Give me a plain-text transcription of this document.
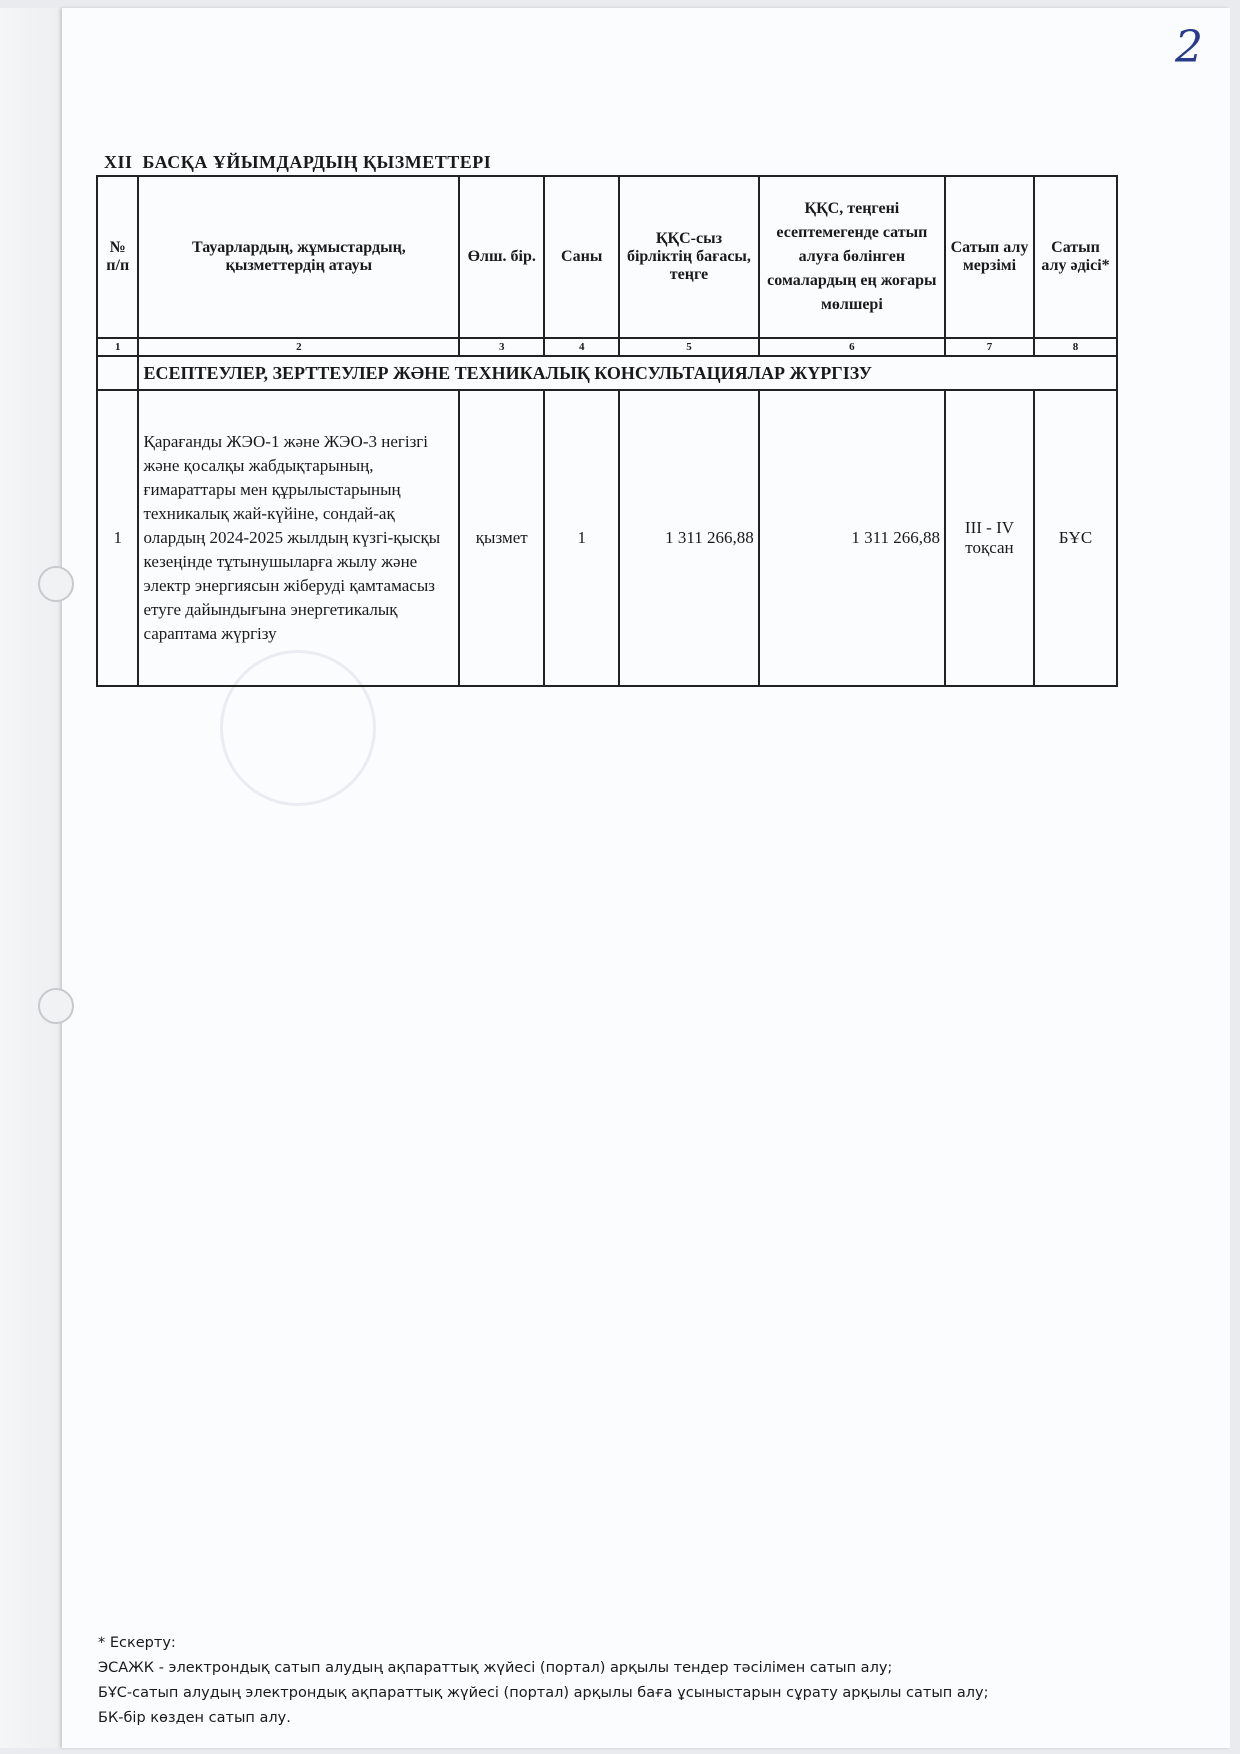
2
XII БАСҚА ҰЙЫМДАРДЫҢ ҚЫЗМЕТТЕРІ
№ п/п	Тауарлардың, жұмыстардың, қызметтердің атауы	Өлш. бір.	Саны	ҚҚС-сыз бірліктің бағасы, теңге	ҚҚС, теңгені есептемегенде сатып алуға бөлінген сомалардың ең жоғары мөлшері	Сатып алу мерзімі	Сатып алу әдісі*
1	2	3	4	5	6	7	8
	ЕСЕПТЕУЛЕР, ЗЕРТТЕУЛЕР ЖӘНЕ ТЕХНИКАЛЫҚ КОНСУЛЬТАЦИЯЛАР ЖҮРГІЗУ						
1	Қарағанды ЖЭО-1 және ЖЭО-3 негізгі және қосалқы жабдықтарының, ғимараттары мен құрылыстарының техникалық жай-күйіне, сондай-ақ олардың 2024-2025 жылдың күзгі-қысқы кезеңінде тұтынушыларға жылу және электр энергиясын жіберуді қамтамасыз етуге дайындығына энергетикалық сараптама жүргізу	қызмет	1	1 311 266,88	1 311 266,88	III - IV тоқсан	БҰС
* Ескерту:
ЭСАЖК - электрондық сатып алудың ақпараттық жүйесі (портал) арқылы тендер тәсілімен сатып алу;
БҰС-сатып алудың электрондық ақпараттық жүйесі (портал) арқылы баға ұсыныстарын сұрату арқылы сатып алу;
БК-бір көзден сатып алу.
